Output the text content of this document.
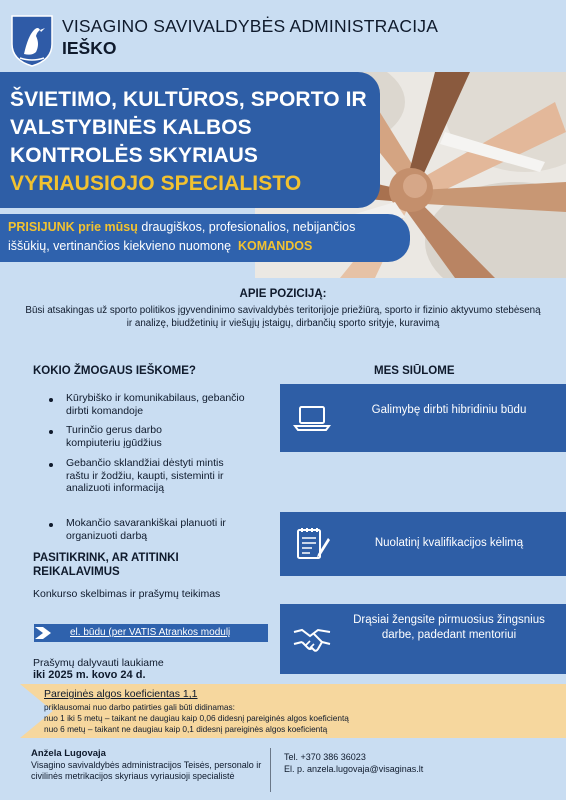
VISAGINO SAVIVALDYBĖS ADMINISTRACIJA
IEŠKO
ŠVIETIMO, KULTŪROS, SPORTO IR
VALSTYBINĖS KALBOS
KONTROLĖS SKYRIAUS
VYRIAUSIOJO SPECIALISTO
PRISIJUNK prie mūsų draugiškos, profesionalios, nebijančios
iššūkių, vertinančios kiekvieno nuomonę KOMANDOS
APIE POZICIJĄ:
Būsi atsakingas už sporto politikos įgyvendinimo savivaldybės teritorijoje priežiūrą, sporto ir fizinio aktyvumo stebėseną ir analizę, biudžetinių ir viešųjų įstaigų, dirbančių sporto srityje, kuravimą
KOKIO ŽMOGAUS IEŠKOME?
Kūrybiško ir komunikabilaus, gebančio dirbti komandoje
Turinčio gerus darbo kompiuteriu įgūdžius
Gebančio sklandžiai dėstyti mintis raštu ir žodžiu, kaupti, sisteminti ir analizuoti informaciją
Mokančio savarankiškai planuoti ir organizuoti darbą
PASITIKRINK, AR ATITINKI REIKALAVIMUS
Konkurso skelbimas ir prašymų teikimas
el. būdu (per VATIS Atrankos modulį
Prašymų dalyvauti laukiame
iki 2025 m. kovo 24 d.
MES SIŪLOME
Galimybę dirbti hibridiniu būdu
Nuolatinį kvalifikacijos kėlimą
Drąsiai žengsite pirmuosius žingsnius darbe, padedant mentoriui
Pareiginės algos koeficientas 1,1
priklausomai nuo darbo patirties gali būti didinamas:
nuo 1 iki 5 metų – taikant ne daugiau kaip 0,06 didesnį pareiginės algos koeficientą
nuo 6 metų – taikant ne daugiau kaip 0,1 didesnį pareiginės algos koeficientą
Anželа Lugovaja
Visagino savivaldybės administracijos Teisės, personalo ir civilinės metrikacijos skyriaus vyriausioji specialistė
Tel. +370 386 36023
El. p. anzela.lugovaja@visaginas.lt
